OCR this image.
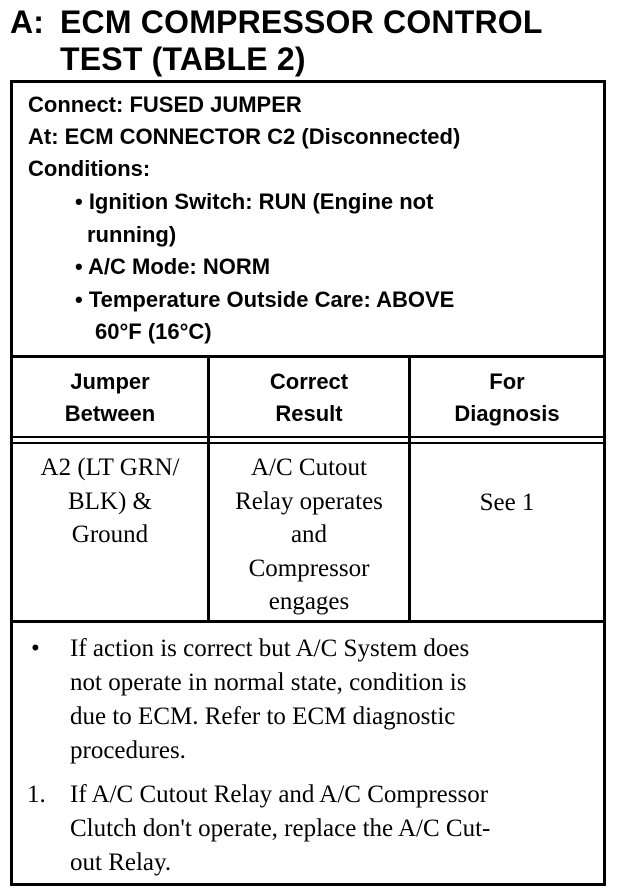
A: ECM COMPRESSOR CONTROL
TEST (TABLE 2)
Connect: FUSED JUMPER
At: ECM CONNECTOR C2 (Disconnected)
Conditions:
• Ignition Switch: RUN (Engine not
running)
• A/C Mode: NORM
• Temperature Outside Care: ABOVE
60°F (16°C)
Jumper
Between
Correct
Result
For
Diagnosis
A2 (LT GRN/
BLK) &
Ground
A/C Cutout
Relay operates
and
Compressor
engages
See 1
• If action is correct but A/C System does
not operate in normal state, condition is
due to ECM. Refer to ECM diagnostic
procedures.
1. If A/C Cutout Relay and A/C Compressor
Clutch don't operate, replace the A/C Cut-
out Relay.
